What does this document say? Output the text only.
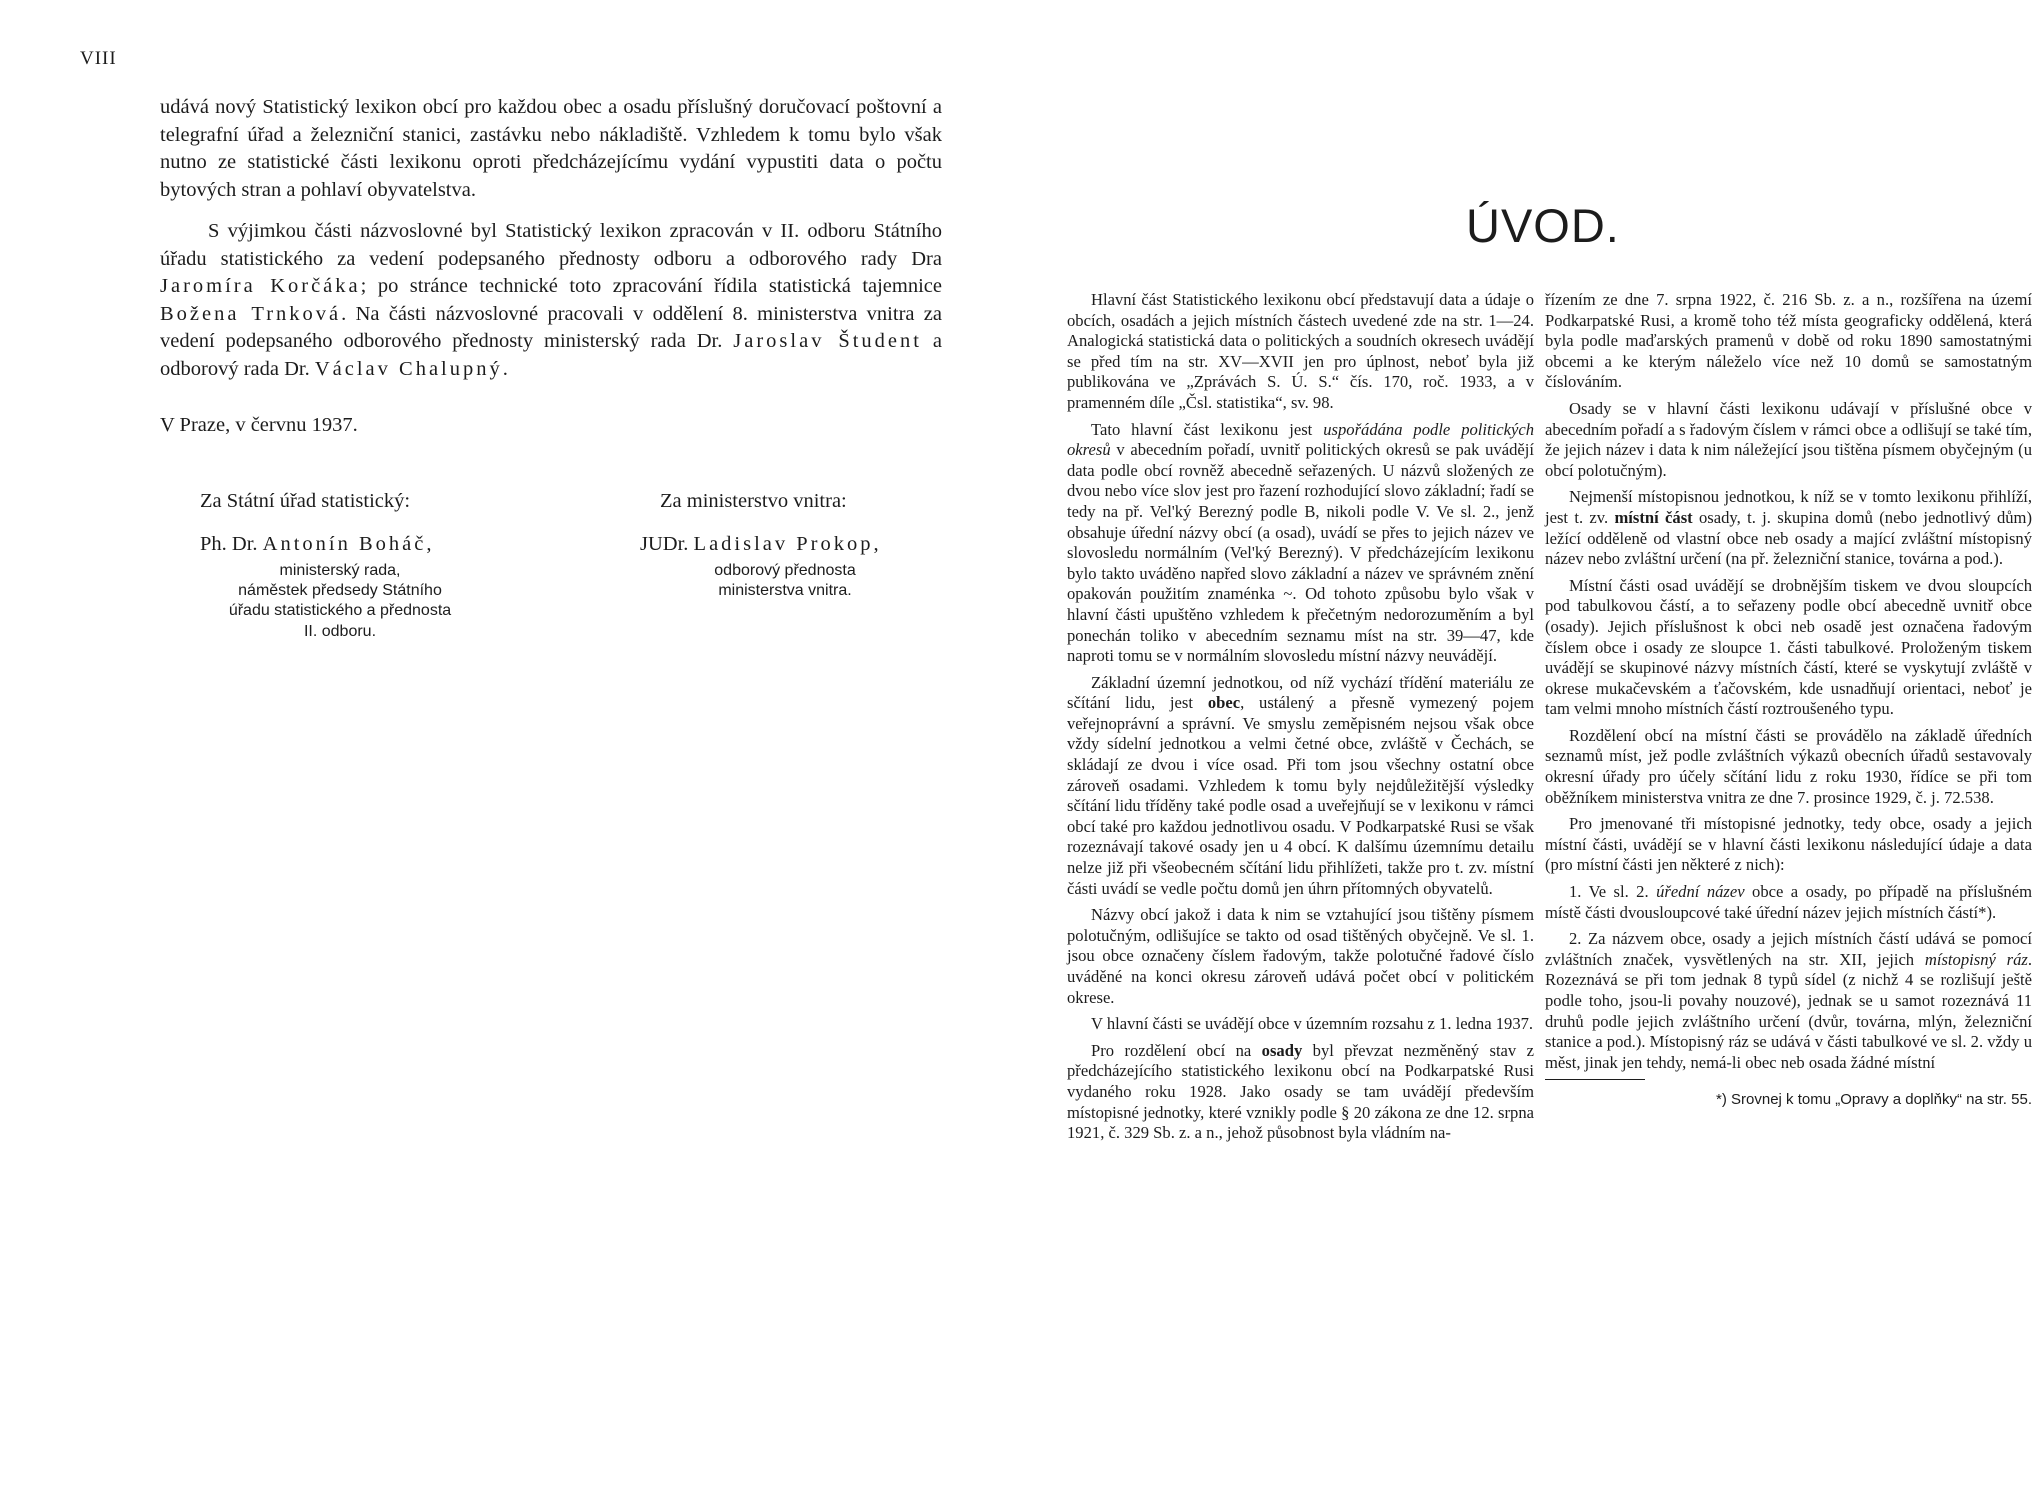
VIII

udává nový Statistický lexikon obcí pro každou obec a osadu příslušný doručovací poštovní a telegrafní úřad a železniční stanici, zastávku nebo nákladiště. Vzhledem k tomu bylo však nutno ze statistické části lexikonu oproti předcházejícímu vydání vypustiti data o počtu bytových stran a pohlaví obyvatelstva.

S výjimkou části názvoslovné byl Statistický lexikon zpracován v II. odboru Státního úřadu statistického za vedení podepsaného přednosty odboru a odborového rady Dra Jaromíra Korčáka; po stránce technické toto zpracování řídila statistická tajemnice Božena Trnková. Na části názvoslovné pracovali v oddělení 8. ministerstva vnitra za vedení podepsaného odborového přednosty ministerský rada Dr. Jaroslav Študent a odborový rada Dr. Václav Chalupný.

V Praze, v červnu 1937.
Za Státní úřad statistický:
Ph. Dr. Antonín Boháč,
ministerský rada,
náměstek předsedy Státního
úřadu statistického a přednosta
II. odboru.
Za ministerstvo vnitra:
JUDr. Ladislav Prokop,
odborový přednosta
ministerstva vnitra.
ÚVOD.

Hlavní část Statistického lexikonu obcí představují data a údaje o obcích, osadách a jejich místních částech uvedené zde na str. 1—24. Analogická statistická data o politických a soudních okresech uvádějí se před tím na str. XV—XVII jen pro úplnost, neboť byla již publikována ve „Zprávách S. Ú. S.“ čís. 170, roč. 1933, a v pramenném díle „Čsl. statistika“, sv. 98.

Tato hlavní část lexikonu jest uspořádána podle politických okresů v abecedním pořadí, uvnitř politických okresů se pak uvádějí data podle obcí rovněž abecedně seřazených. U názvů složených ze dvou nebo více slov jest pro řazení rozhodující slovo základní; řadí se tedy na př. Vel'ký Berezný podle B, nikoli podle V. Ve sl. 2., jenž obsahuje úřední názvy obcí (a osad), uvádí se přes to jejich název ve slovosledu normálním (Vel'ký Berezný). V předcházejícím lexikonu bylo takto uváděno napřed slovo základní a název ve správném znění opakován použitím znaménka ~. Od tohoto způsobu bylo však v hlavní části upuštěno vzhledem k přečetným nedorozuměním a byl ponechán toliko v abecedním seznamu míst na str. 39—47, kde naproti tomu se v normálním slovosledu místní názvy neuvádějí.

Základní územní jednotkou, od níž vychází třídění materiálu ze sčítání lidu, jest obec, ustálený a přesně vymezený pojem veřejnoprávní a správní. Ve smyslu zeměpisném nejsou však obce vždy sídelní jednotkou a velmi četné obce, zvláště v Čechách, se skládají ze dvou i více osad. Při tom jsou všechny ostatní obce zároveň osadami. Vzhledem k tomu byly nejdůležitější výsledky sčítání lidu tříděny také podle osad a uveřejňují se v lexikonu v rámci obcí také pro každou jednotlivou osadu. V Podkarpatské Rusi se však rozeznávají takové osady jen u 4 obcí. K dalšímu územnímu detailu nelze již při všeobecném sčítání lidu přihlížeti, takže pro t. zv. místní části uvádí se vedle počtu domů jen úhrn přítomných obyvatelů.

Názvy obcí jakož i data k nim se vztahující jsou tištěny písmem polotučným, odlišujíce se takto od osad tištěných obyčejně. Ve sl. 1. jsou obce označeny číslem řadovým, takže polotučné řadové číslo uváděné na konci okresu zároveň udává počet obcí v politickém okrese.

V hlavní části se uvádějí obce v územním rozsahu z 1. ledna 1937.

Pro rozdělení obcí na osady byl převzat nezměněný stav z předcházejícího statistického lexikonu obcí na Podkarpatské Rusi vydaného roku 1928. Jako osady se tam uvádějí především místopisné jednotky, které vznikly podle § 20 zákona ze dne 12. srpna 1921, č. 329 Sb. z. a n., jehož působnost byla vládním na-

řízením ze dne 7. srpna 1922, č. 216 Sb. z. a n., rozšířena na území Podkarpatské Rusi, a kromě toho též místa geograficky oddělená, která byla podle maďarských pramenů v době od roku 1890 samostatnými obcemi a ke kterým náleželo více než 10 domů se samostatným číslováním.

Osady se v hlavní části lexikonu udávají v příslušné obce v abecedním pořadí a s řadovým číslem v rámci obce a odlišují se také tím, že jejich název i data k nim náležející jsou tištěna písmem obyčejným (u obcí polotučným).

Nejmenší místopisnou jednotkou, k níž se v tomto lexikonu přihlíží, jest t. zv. místní část osady, t. j. skupina domů (nebo jednotlivý dům) ležící odděleně od vlastní obce neb osady a mající zvláštní místopisný název nebo zvláštní určení (na př. železniční stanice, továrna a pod.).

Místní části osad uvádějí se drobnějším tiskem ve dvou sloupcích pod tabulkovou částí, a to seřazeny podle obcí abecedně uvnitř obce (osady). Jejich příslušnost k obci neb osadě jest označena řadovým číslem obce i osady ze sloupce 1. části tabulkové. Proloženým tiskem uvádějí se skupinové názvy místních částí, které se vyskytují zvláště v okrese mukačevském a ťačovském, kde usnadňují orientaci, neboť je tam velmi mnoho místních částí roztroušeného typu.

Rozdělení obcí na místní části se provádělo na základě úředních seznamů míst, jež podle zvláštních výkazů obecních úřadů sestavovaly okresní úřady pro účely sčítání lidu z roku 1930, řídíce se při tom oběžníkem ministerstva vnitra ze dne 7. prosince 1929, č. j. 72.538.

Pro jmenované tři místopisné jednotky, tedy obce, osady a jejich místní části, uvádějí se v hlavní části lexikonu následující údaje a data (pro místní části jen některé z nich):

1. Ve sl. 2. úřední název obce a osady, po případě na příslušném místě části dvousloupcové také úřední název jejich místních částí*).

2. Za názvem obce, osady a jejich místních částí udává se pomocí zvláštních značek, vysvětlených na str. XII, jejich místopisný ráz. Rozeznává se při tom jednak 8 typů sídel (z nichž 4 se rozlišují ještě podle toho, jsou-li povahy nouzové), jednak se u samot rozeznává 11 druhů podle jejich zvláštního určení (dvůr, továrna, mlýn, železniční stanice a pod.). Místopisný ráz se udává v části tabulkové ve sl. 2. vždy u měst, jinak jen tehdy, nemá-li obec neb osada žádné místní

*) Srovnej k tomu „Opravy a doplňky“ na str. 55.
